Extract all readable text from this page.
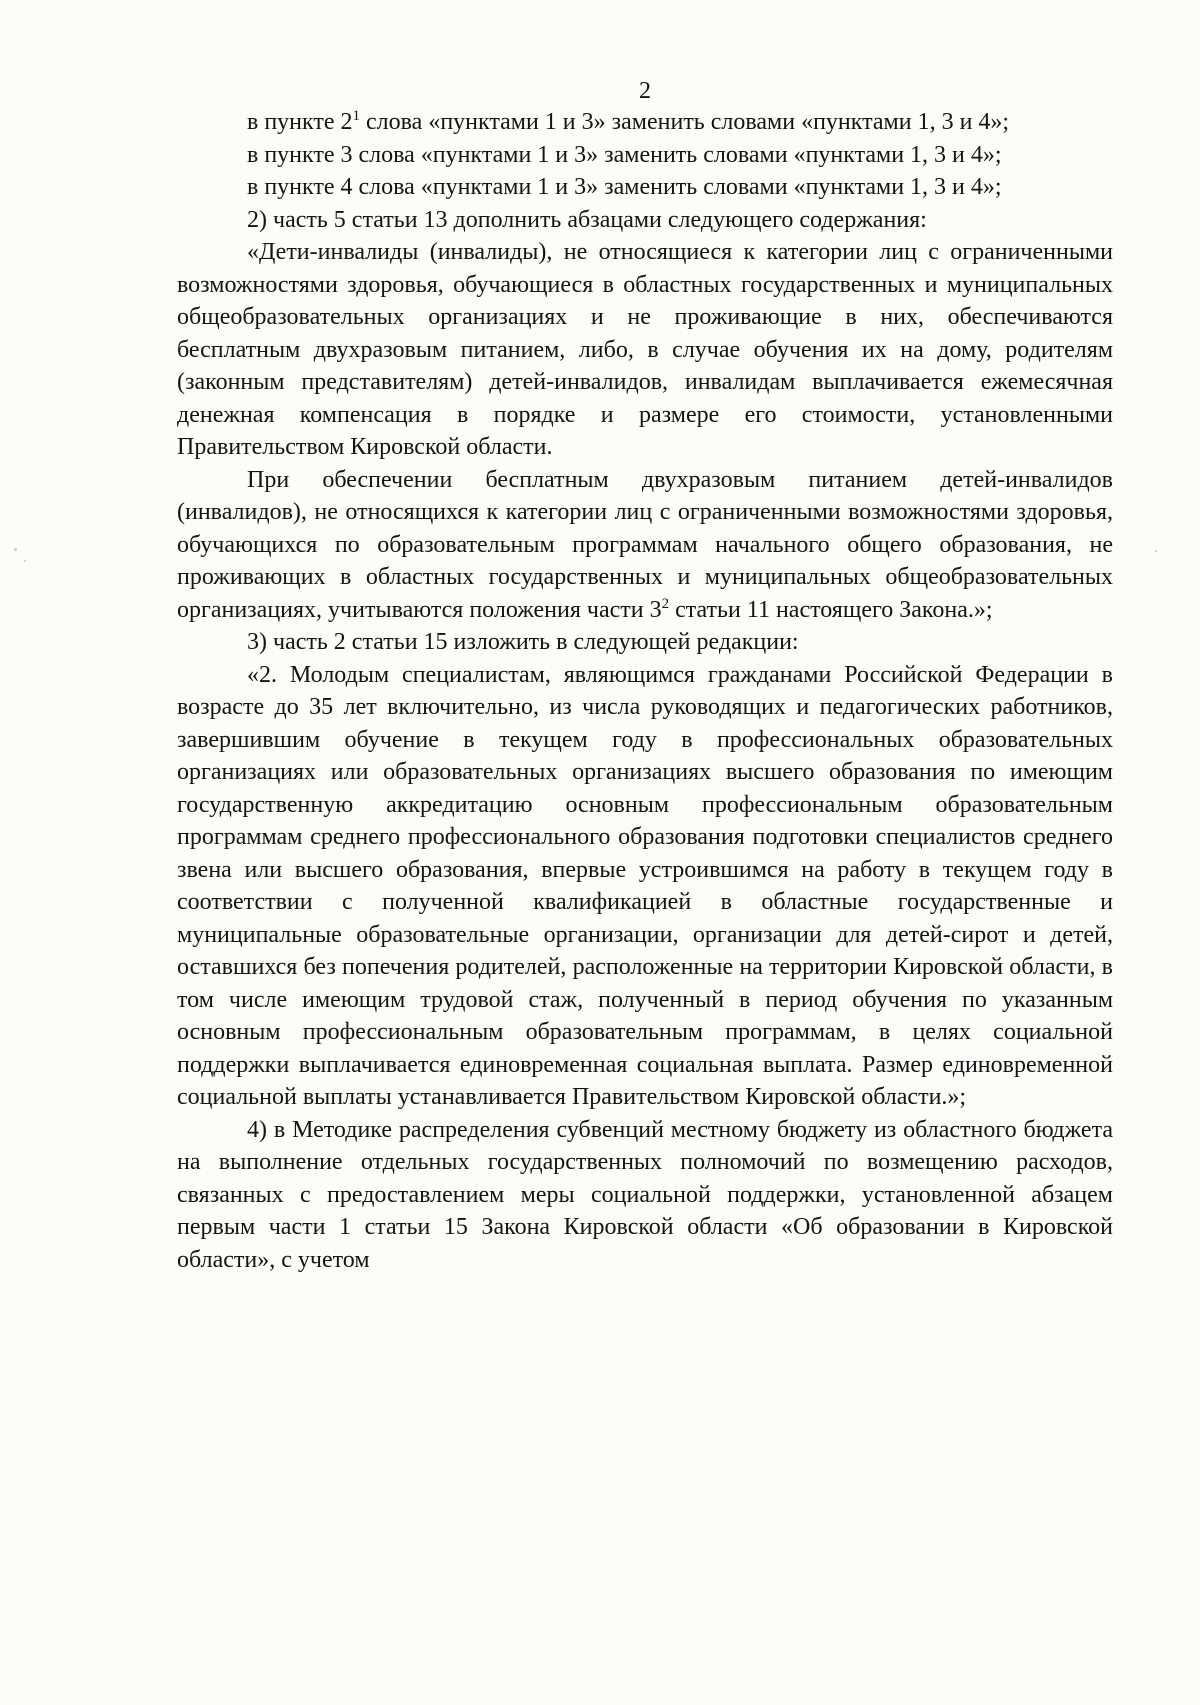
2

в пункте $2^1$ слова «пунктами 1 и 3» заменить словами «пунктами 1, 3 и 4»;

в пункте 3 слова «пунктами 1 и 3» заменить словами «пунктами 1, 3 и 4»;

в пункте 4 слова «пунктами 1 и 3» заменить словами «пунктами 1, 3 и 4»;

2) часть 5 статьи 13 дополнить абзацами следующего содержания:

«Дети-инвалиды (инвалиды), не относящиеся к категории лиц с ограниченными возможностями здоровья, обучающиеся в областных государственных и муниципальных общеобразовательных организациях и не проживающие в них, обеспечиваются бесплатным двухразовым питанием, либо, в случае обучения их на дому, родителям (законным представителям) детей-инвалидов, инвалидам выплачивается ежемесячная денежная компенсация в порядке и размере его стоимости, установленными Правительством Кировской области.

При обеспечении бесплатным двухразовым питанием детей-инвалидов (инвалидов), не относящихся к категории лиц с ограниченными возможностями здоровья, обучающихся по образовательным программам начального общего образования, не проживающих в областных государственных и муниципальных общеобразовательных организациях, учитываются положения части $3^2$ статьи 11 настоящего Закона.»;

3) часть 2 статьи 15 изложить в следующей редакции:

«2. Молодым специалистам, являющимся гражданами Российской Федерации в возрасте до 35 лет включительно, из числа руководящих и педагогических работников, завершившим обучение в текущем году в профессиональных образовательных организациях или образовательных организациях высшего образования по имеющим государственную аккредитацию основным профессиональным образовательным программам среднего профессионального образования подготовки специалистов среднего звена или высшего образования, впервые устроившимся на работу в текущем году в соответствии с полученной квалификацией в областные государственные и муниципальные образовательные организации, организации для детей-сирот и детей, оставшихся без попечения родителей, расположенные на территории Кировской области, в том числе имеющим трудовой стаж, полученный в период обучения по указанным основным профессиональным образовательным программам, в целях социальной поддержки выплачивается единовременная социальная выплата. Размер единовременной социальной выплаты устанавливается Правительством Кировской области.»;

4) в Методике распределения субвенций местному бюджету из областного бюджета на выполнение отдельных государственных полномочий по возмещению расходов, связанных с предоставлением меры социальной поддержки, установленной абзацем первым части 1 статьи 15 Закона Кировской области «Об образовании в Кировской области», с учетом
